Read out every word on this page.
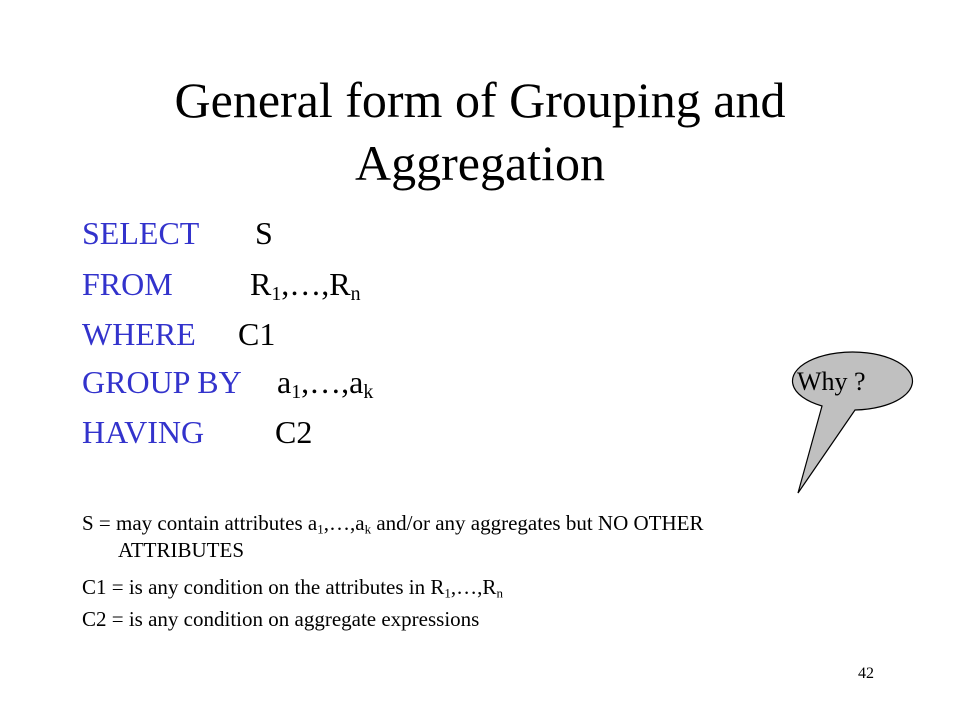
General form of Grouping and
Aggregation
SELECT S
FROM $R_1,\dots,R_n$
WHERE C1
GROUP BY $a_1,\dots,a_k$
HAVING C2
S = may contain attributes $a_1,\dots,a_k$ and/or any aggregates but NO OTHER
ATTRIBUTES
C1 = is any condition on the attributes in $R_1,\dots,R_n$
C2 = is any condition on aggregate expressions
Why ?
42
